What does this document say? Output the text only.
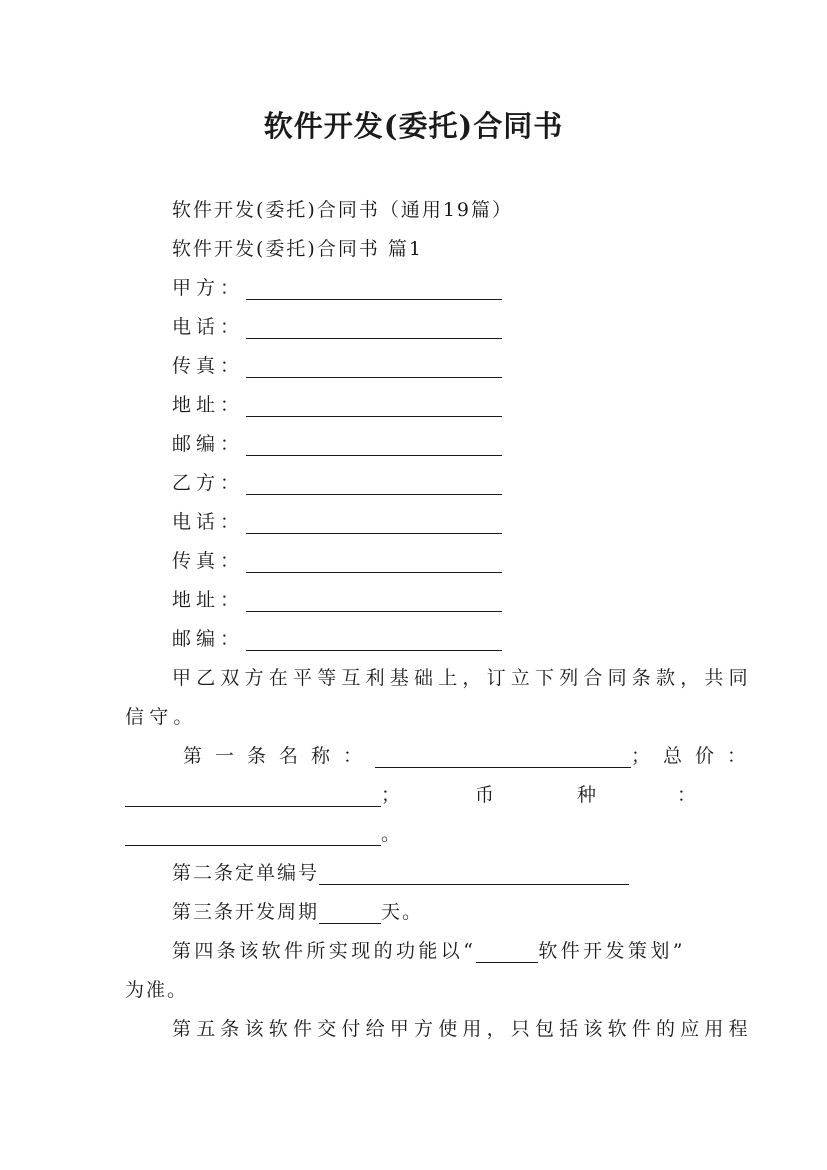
软件开发(委托)合同书
软件开发(委托)合同书（通用19篇）
软件开发(委托)合同书 篇1
甲方：
电话：
传真：
地址：
邮编：
乙方：
电话：
传真：
地址：
邮编：
甲乙双方在平等互利基础上，订立下列合同条款，共同
信守。
第一条名称：	；总价：
；	币	种	：
。
第二条定单编号
第三条开发周期	天。
第四条该软件所实现的功能以“	软件开发策划”
为准。
第五条该软件交付给甲方使用，只包括该软件的应用程
